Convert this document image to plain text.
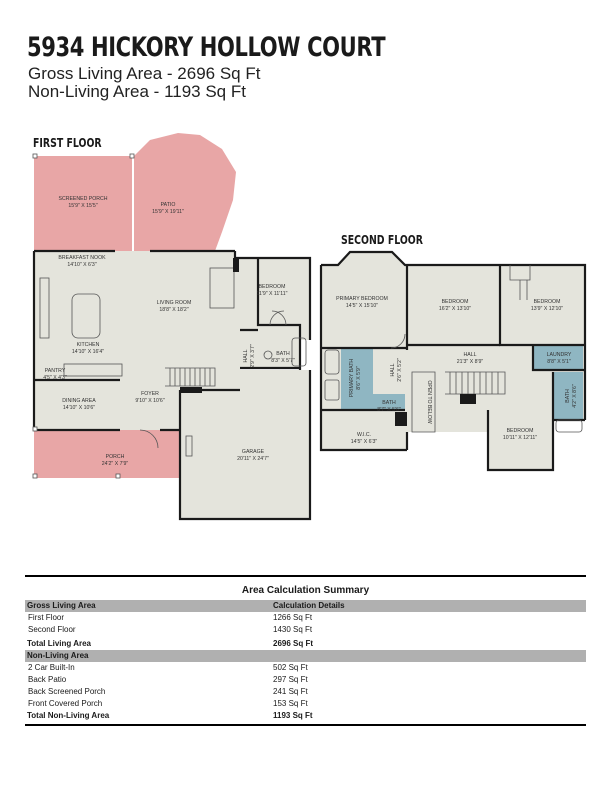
5934 HICKORY HOLLOW COURT
Gross Living Area - 2696 Sq Ft
Non-Living Area - 1193 Sq Ft
FIRST FLOOR
SECOND FLOOR
SCREENED PORCH 15'9" X 15'5"	PATIO 15'9" X 19'11"
BREAKFAST NOOK 14'10" X 6'3"
LIVING ROOM 18'8" X 18'2"
BEDROOM 11'9" X 11'11"
KITCHEN 14'10" X 16'4"
PANTRY 4'5" X 4'3"
HALL2'9" X 3'7"	BATH 8'3" X 5'7"
DINING AREA 14'10" X 10'6"
FOYER 9'10" X 10'6"
GARAGE 20'11" X 24'7"
PORCH 24'2" X 7'9"
PRIMARY BEDROOM 14'5" X 15'10"
BEDROOM 16'2" X 13'10"
BEDROOM 13'9" X 12'10"
PRIMARY BATH8'6" X 5'9"	HALL2'6" X 5'2"
HALL 21'3" X 8'9"
LAUNDRY 8'8" X 5'1"
BATH4'2" X 8'6"
BATH 8'7" X 5'6"
W.I.C. 14'5" X 6'3"
OPEN TO BELOW
BEDROOM 10'11" X 12'11"
Area Calculation Summary
Gross Living Area	Calculation Details
First Floor	1266 Sq Ft
Second Floor	1430 Sq Ft
Total Living Area	2696 Sq Ft
Non-Living Area
2 Car Built-In	502 Sq Ft
Back Patio	297 Sq Ft
Back Screened Porch	241 Sq Ft
Front Covered Porch	153 Sq Ft
Total Non-Living Area	1193 Sq Ft
